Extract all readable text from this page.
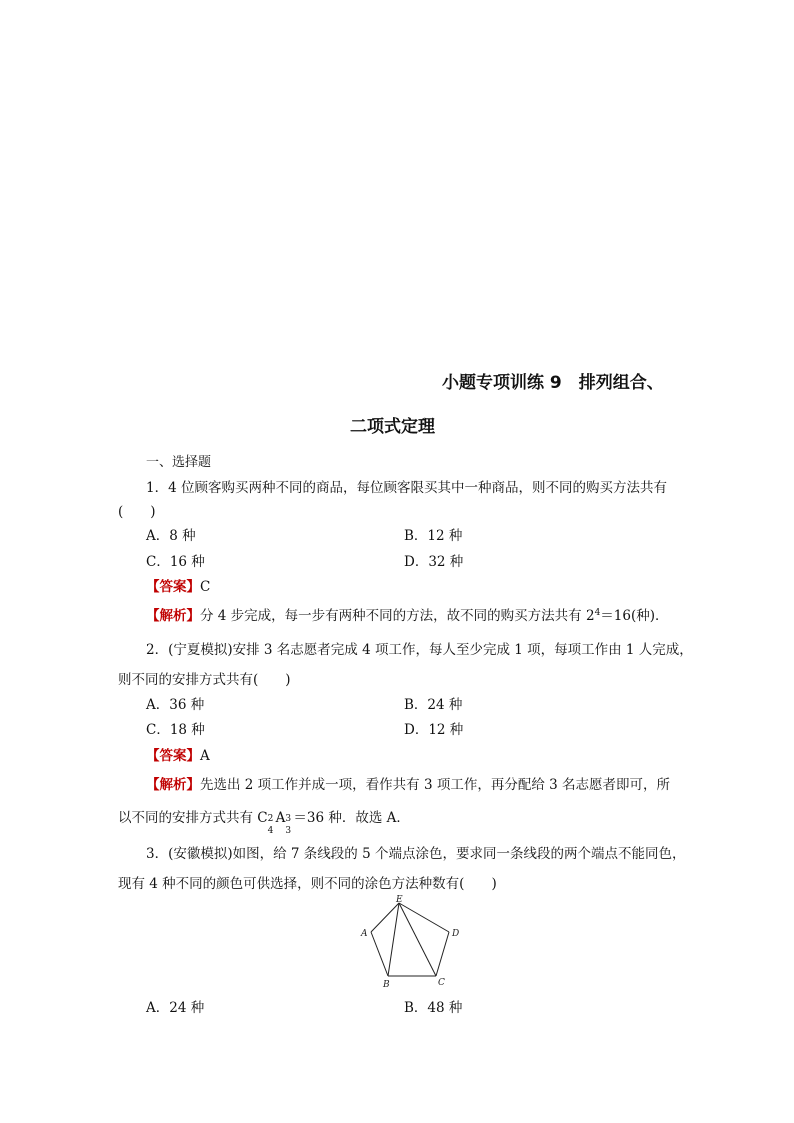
小题专项训练 9　排列组合、
二项式定理
一、选择题
1．4 位顾客购买两种不同的商品，每位顾客限买其中一种商品，则不同的购买方法共有
(　　)
A．8 种	B．12 种
C．16 种	D．32 种
【答案】C
【解析】分 4 步完成，每一步有两种不同的方法，故不同的购买方法共有 $2^4=16$(种)．
2．(宁夏模拟)安排 3 名志愿者完成 4 项工作，每人至少完成 1 项，每项工作由 1 人完成，
则不同的安排方式共有(　　)
A．36 种	B．24 种
C．18 种	D．12 种
【答案】A
【解析】先选出 2 项工作并成一项，看作共有 3 项工作，再分配给 3 名志愿者即可，所
以不同的安排方式共有 C 2
4
A 3
3
＝36 种．故选 A．
3．(安徽模拟)如图，给 7 条线段的 5 个端点涂色，要求同一条线段的两个端点不能同色，
现有 4 种不同的颜色可供选择，则不同的涂色方法种数有(　　)
E
A	D
B	C
A．24 种	B．48 种
